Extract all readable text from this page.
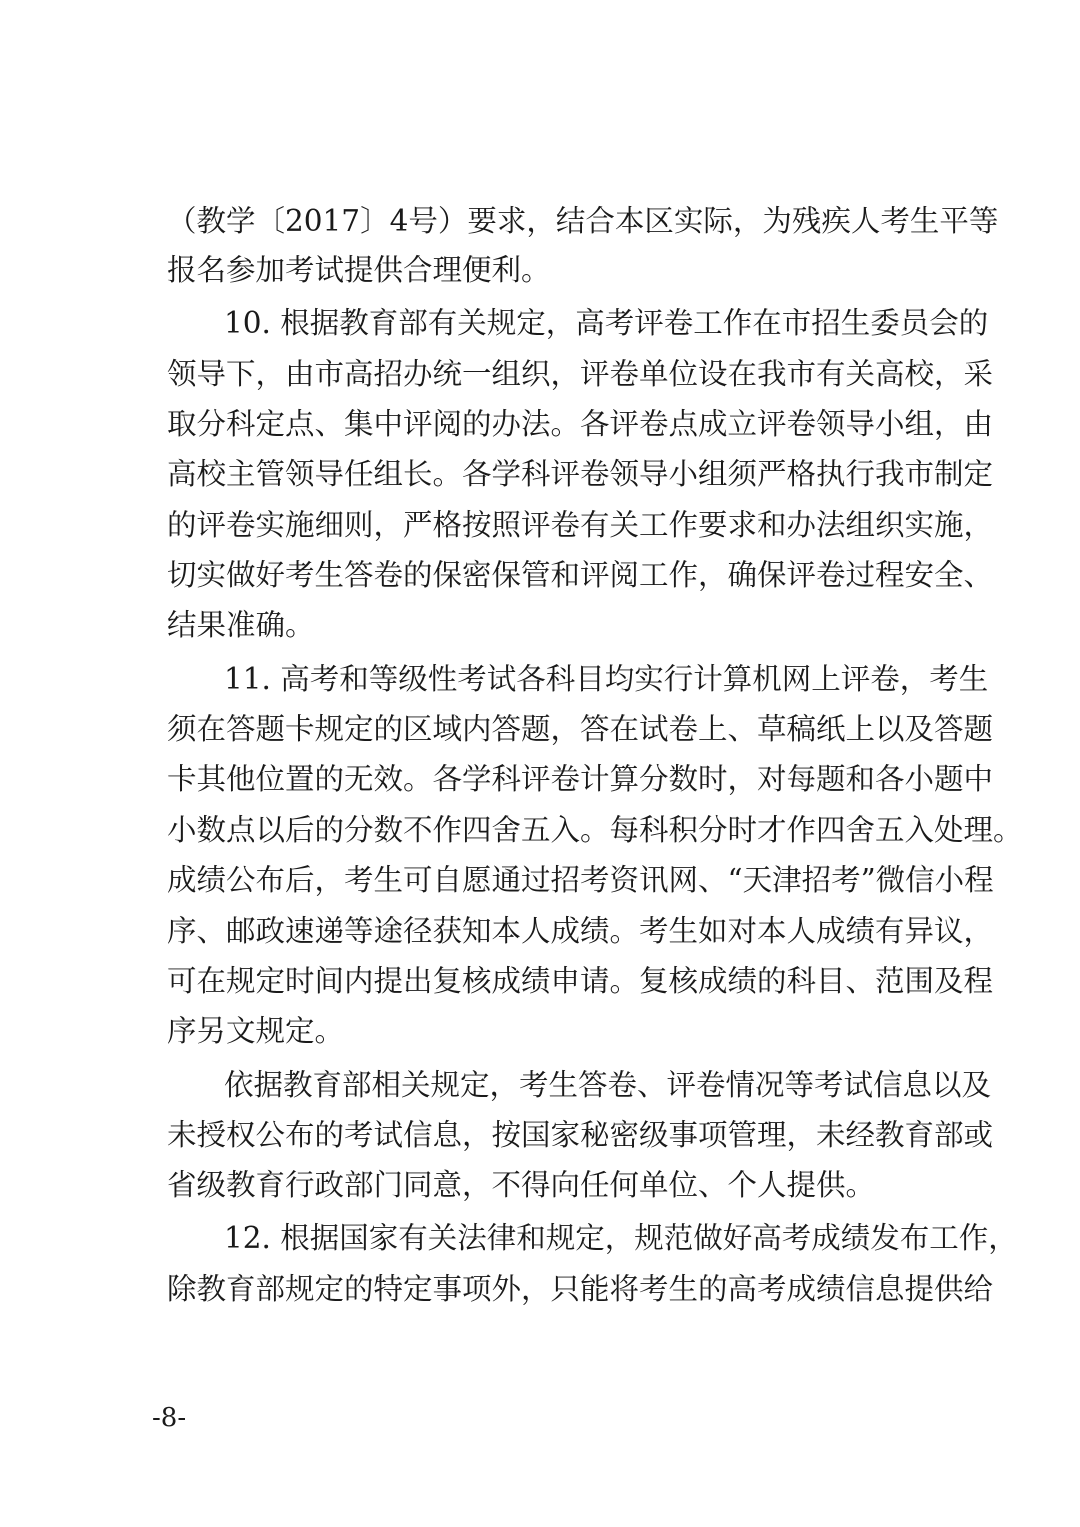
（教学〔2017〕4号）要求，结合本区实际，为残疾人考生平等
报名参加考试提供合理便利。
10. 根据教育部有关规定，高考评卷工作在市招生委员会的
领导下，由市高招办统一组织，评卷单位设在我市有关高校，采
取分科定点、集中评阅的办法。各评卷点成立评卷领导小组，由
高校主管领导任组长。各学科评卷领导小组须严格执行我市制定
的评卷实施细则，严格按照评卷有关工作要求和办法组织实施，
切实做好考生答卷的保密保管和评阅工作，确保评卷过程安全、
结果准确。
11. 高考和等级性考试各科目均实行计算机网上评卷，考生
须在答题卡规定的区域内答题，答在试卷上、草稿纸上以及答题
卡其他位置的无效。各学科评卷计算分数时，对每题和各小题中
小数点以后的分数不作四舍五入。每科积分时才作四舍五入处理。
成绩公布后，考生可自愿通过招考资讯网、“天津招考”微信小程
序、邮政速递等途径获知本人成绩。考生如对本人成绩有异议，
可在规定时间内提出复核成绩申请。复核成绩的科目、范围及程
序另文规定。
依据教育部相关规定，考生答卷、评卷情况等考试信息以及
未授权公布的考试信息，按国家秘密级事项管理，未经教育部或
省级教育行政部门同意，不得向任何单位、个人提供。
12. 根据国家有关法律和规定，规范做好高考成绩发布工作，
除教育部规定的特定事项外，只能将考生的高考成绩信息提供给
-8-
